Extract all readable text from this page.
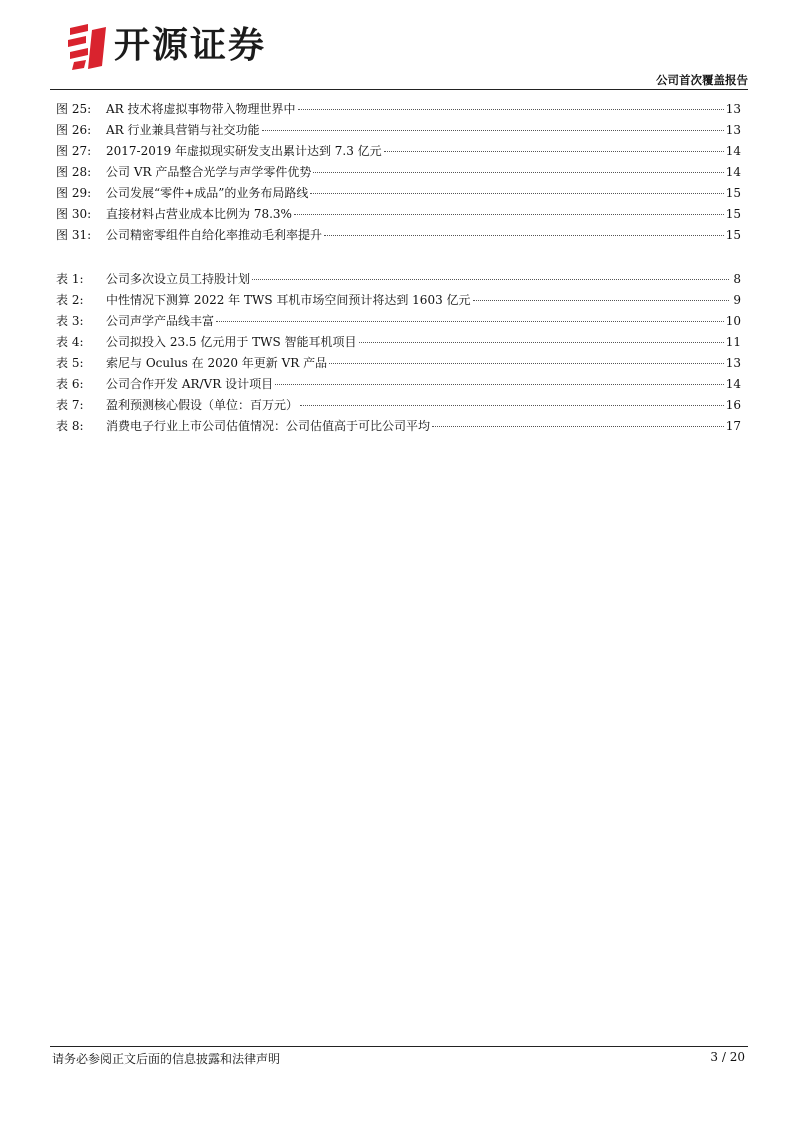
开源证券
公司首次覆盖报告
图 25:	AR 技术将虚拟事物带入物理世界中	13
图 26:	AR 行业兼具营销与社交功能	13
图 27:	2017-2019 年虚拟现实研发支出累计达到 7.3 亿元	14
图 28:	公司 VR 产品整合光学与声学零件优势	14
图 29:	公司发展“零件+成品”的业务布局路线	15
图 30:	直接材料占营业成本比例为 78.3%	15
图 31:	公司精密零组件自给化率推动毛利率提升	15
表 1:	公司多次设立员工持股计划	8
表 2:	中性情况下测算 2022 年 TWS 耳机市场空间预计将达到 1603 亿元	9
表 3:	公司声学产品线丰富	10
表 4:	公司拟投入 23.5 亿元用于 TWS 智能耳机项目	11
表 5:	索尼与 Oculus 在 2020 年更新 VR 产品	13
表 6:	公司合作开发 AR/VR 设计项目	14
表 7:	盈利预测核心假设（单位：百万元）	16
表 8:	消费电子行业上市公司估值情况：公司估值高于可比公司平均	17
请务必参阅正文后面的信息披露和法律声明	3 / 20
